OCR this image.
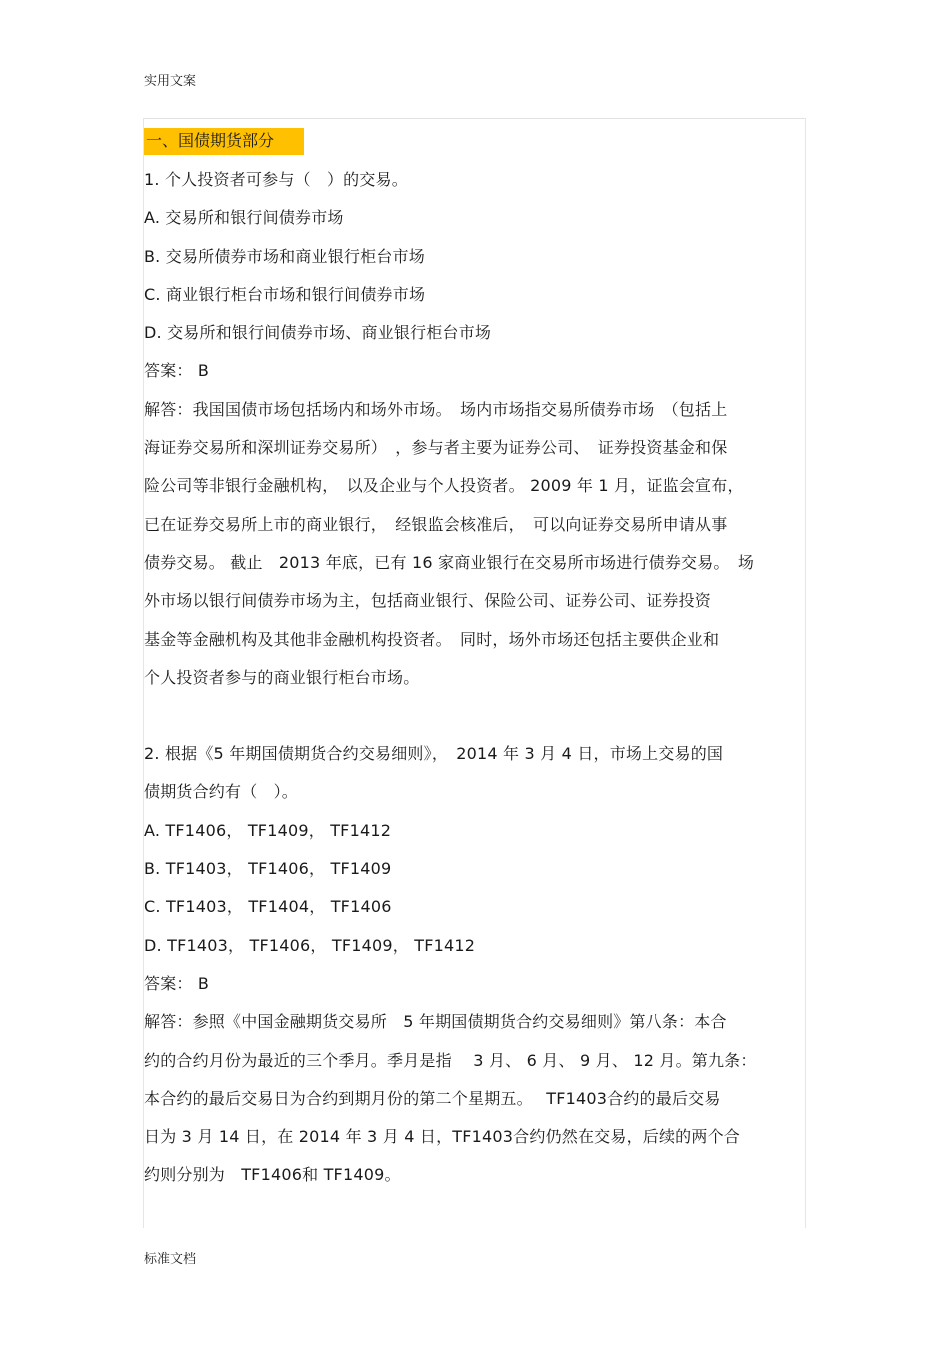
实用文案
一、国债期货部分
1. 个人投资者可参与（　）的交易。
A. 交易所和银行间债券市场
B. 交易所债券市场和商业银行柜台市场
C. 商业银行柜台市场和银行间债券市场
D. 交易所和银行间债券市场、商业银行柜台市场
答案： B
解答：我国国债市场包括场内和场外市场。　场内市场指交易所债券市场　（包括上
海证券交易所和深圳证券交易所）　，参与者主要为证券公司、　证券投资基金和保
险公司等非银行金融机构，　以及企业与个人投资者。 2009 年 1 月，证监会宣布，
已在证券交易所上市的商业银行，　经银监会核准后，　可以向证券交易所申请从事
债券交易。 截止　2013 年底，已有 16 家商业银行在交易所市场进行债券交易。　场
外市场以银行间债券市场为主，包括商业银行、保险公司、证券公司、证券投资
基金等金融机构及其他非金融机构投资者。　同时，场外市场还包括主要供企业和
个人投资者参与的商业银行柜台市场。
2. 根据《5 年期国债期货合约交易细则》，　2014 年 3 月 4 日，市场上交易的国
债期货合约有（　）。
A. TF1406， TF1409， TF1412
B. TF1403， TF1406， TF1409
C. TF1403， TF1404， TF1406
D. TF1403， TF1406， TF1409， TF1412
答案： B
解答：参照《中国金融期货交易所　5 年期国债期货合约交易细则》第八条：本合
约的合约月份为最近的三个季月。季月是指　 3 月、 6 月、 9 月、 12 月。第九条：
本合约的最后交易日为合约到期月份的第二个星期五。　 TF1403合约的最后交易
日为 3 月 14 日，在 2014 年 3 月 4 日，TF1403合约仍然在交易，后续的两个合
约则分别为　TF1406和 TF1409。
标准文档
